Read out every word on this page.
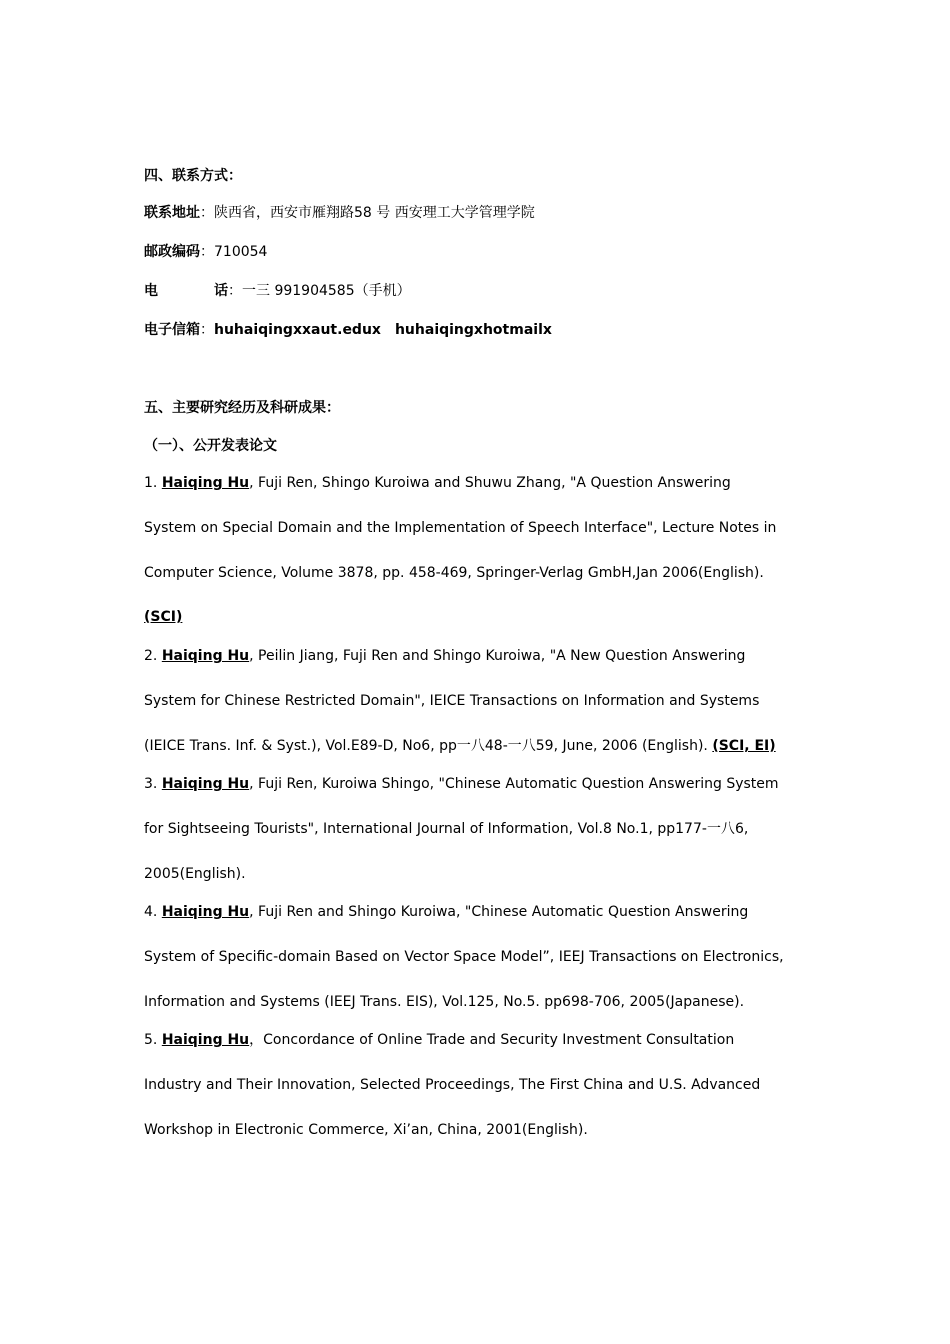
四、联系方式：
联系地址：陕西省，西安市雁翔路58 号 西安理工大学管理学院
邮政编码：710054
电	话：一三 991904585（手机）
电子信箱：huhaiqingxxaut.edux huhaiqingxhotmailx
五、主要研究经历及科研成果：
（一）、公开发表论文
1. Haiqing Hu, Fuji Ren, Shingo Kuroiwa and Shuwu Zhang, "A Question Answering
System on Special Domain and the Implementation of Speech Interface", Lecture Notes in
Computer Science, Volume 3878, pp. 458-469, Springer-Verlag GmbH,Jan 2006(English).
(SCI)
2. Haiqing Hu, Peilin Jiang, Fuji Ren and Shingo Kuroiwa, "A New Question Answering
System for Chinese Restricted Domain", IEICE Transactions on Information and Systems
(IEICE Trans. Inf. & Syst.), Vol.E89-D, No6, pp一八48-一八59, June, 2006 (English). (SCI, EI)
3. Haiqing Hu, Fuji Ren, Kuroiwa Shingo, "Chinese Automatic Question Answering System
for Sightseeing Tourists", International Journal of Information, Vol.8 No.1, pp177-一八6,
2005(English).
4. Haiqing Hu, Fuji Ren and Shingo Kuroiwa, "Chinese Automatic Question Answering
System of Specific-domain Based on Vector Space Model”, IEEJ Transactions on Electronics,
Information and Systems (IEEJ Trans. EIS), Vol.125, No.5. pp698-706, 2005(Japanese).
5. Haiqing Hu，Concordance of Online Trade and Security Investment Consultation
Industry and Their Innovation, Selected Proceedings, The First China and U.S. Advanced
Workshop in Electronic Commerce, Xi’an, China, 2001(English).
